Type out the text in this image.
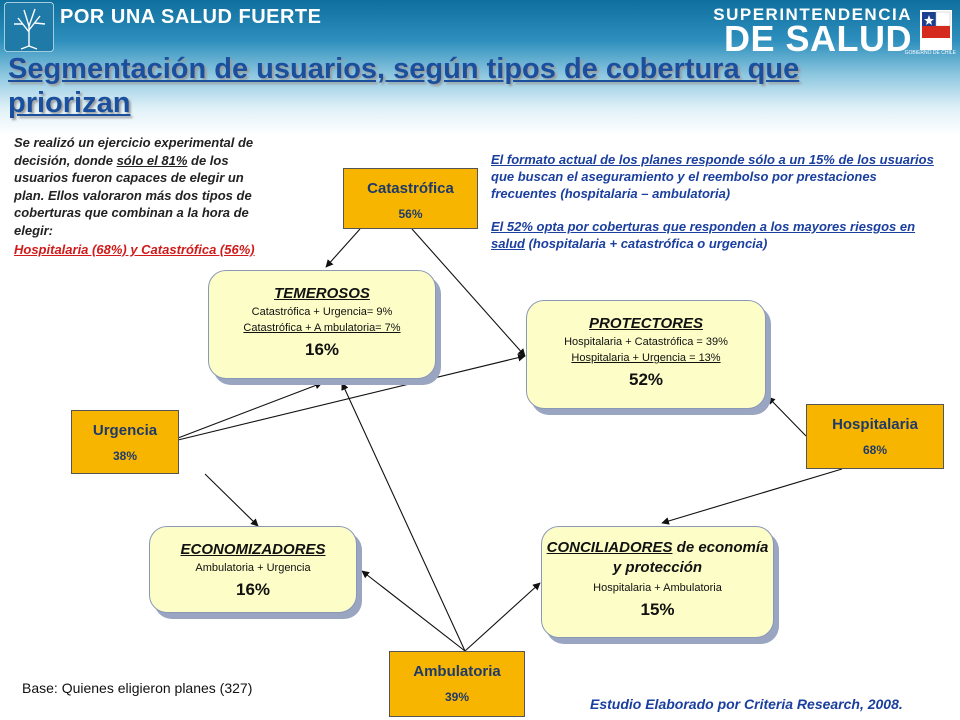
POR UNA SALUD FUERTE	SUPERINTENDENCIA
DE SALUD
GOBIERNO DE CHILE
Segmentación de usuarios, según tipos de cobertura que priorizan
Se realizó un ejercicio experimental de decisión, donde sólo el 81% de los usuarios fueron capaces de elegir un plan. Ellos valoraron más dos tipos de coberturas que combinan a la hora de elegir:
Hospitalaria (68%) y Catastrófica (56%)

El formato actual de los planes responde sólo a un 15% de los usuarios que buscan el aseguramiento y el reembolso por prestaciones frecuentes (hospitalaria – ambulatoria)

El 52% opta por coberturas que responden a los mayores riesgos en salud (hospitalaria + catastrófica o urgencia)

Catastrófica
56%
Urgencia
38%
Hospitalaria
68%
Ambulatoria
39%
TEMEROSOS
Catastrófica + Urgencia= 9%
Catastrófica + A mbulatoria= 7%
16%
PROTECTORES
Hospitalaria + Catastrófica = 39%
Hospitalaria + Urgencia = 13%
52%
ECONOMIZADORES
Ambulatoria + Urgencia
16%
CONCILIADORES de economía y protección
Hospitalaria + Ambulatoria
15%
Base: Quienes eligieron planes (327)
Estudio Elaborado por Criteria Research, 2008.
